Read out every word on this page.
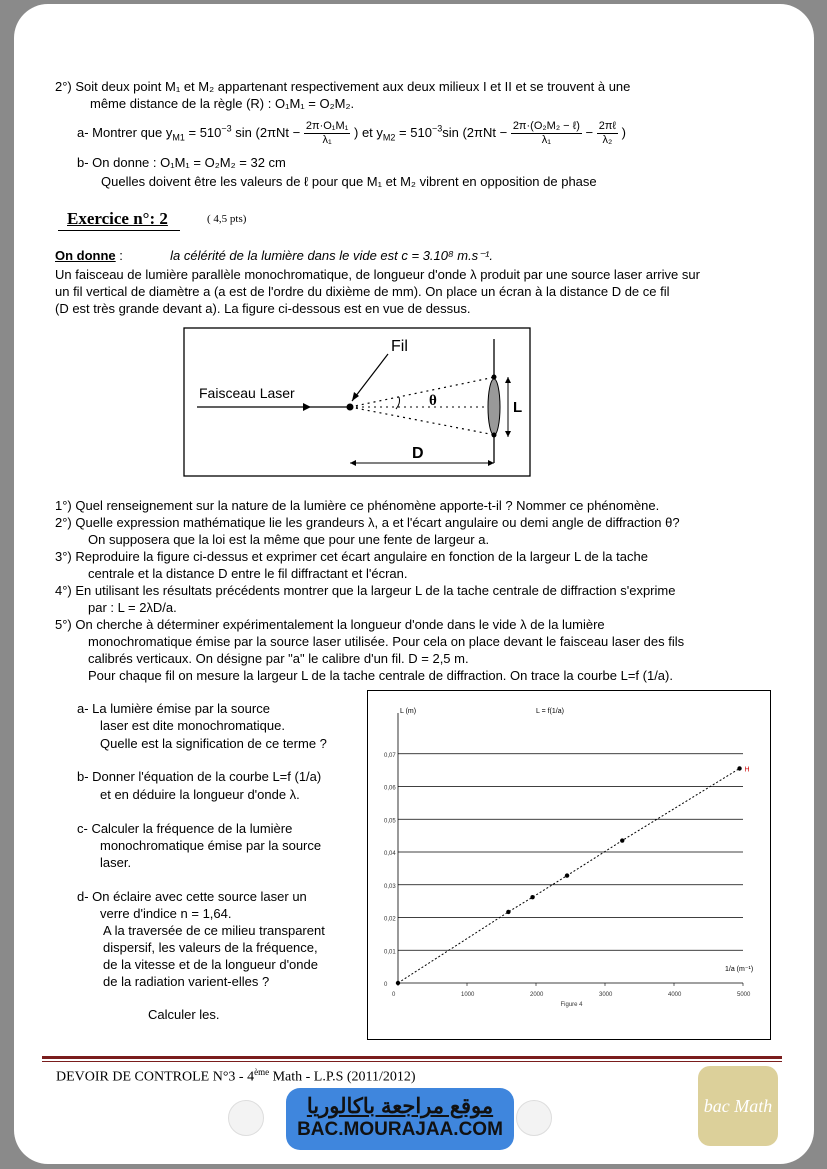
2°) Soit deux point M₁ et M₂ appartenant respectivement aux deux milieux I et II et se trouvent à une
même distance de la règle (R) : O₁M₁ = O₂M₂.
a- Montrer que $y_{M1} = 510^{-3}$ $\sin (2\pi Nt - \frac{\text{2π·O₁M₁}}{\text{λ₁}}$ ) et $y_{M2} = 510^{-3}\sin$ ($2\pi Nt - \frac{\text{2π·(O₂M₂ − ℓ)}}{\text{λ₁}} - \frac{\text{2πℓ}}{\text{λ₂}}$ )
b- On donne : O₁M₁ = O₂M₂ = 32 cm
Quelles doivent être les valeurs de ℓ pour que M₁ et M₂ vibrent en opposition de phase
Exercice n°: 2	( 4,5 pts)
On donne :	la célérité de la lumière dans le vide est c = 3.10⁸ m.s⁻¹.
Un faisceau de lumière parallèle monochromatique, de longueur d'onde λ produit par une source laser arrive sur
un fil vertical de diamètre a (a est de l'ordre du dixième de mm). On place un écran à la distance D de ce fil
(D est très grande devant a). La figure ci-dessous est en vue de dessus.
Fil
Faisceau Laser	θ	L
D
1°) Quel renseignement sur la nature de la lumière ce phénomène apporte-t-il ? Nommer ce phénomène.
2°) Quelle expression mathématique lie les grandeurs λ, a et l'écart angulaire ou demi angle de diffraction θ?
On supposera que la loi est la même que pour une fente de largeur a.
3°) Reproduire la figure ci-dessus et exprimer cet écart angulaire en fonction de la largeur L de la tache
centrale et la distance D entre le fil diffractant et l'écran.
4°) En utilisant les résultats précédents montrer que la largeur L de la tache centrale de diffraction s'exprime
par : L = 2λD/a.
5°) On cherche à déterminer expérimentalement la longueur d'onde dans le vide λ de la lumière
monochromatique émise par la source laser utilisée. Pour cela on place devant le faisceau laser des fils
calibrés verticaux. On désigne par "a" le calibre d'un fil. D = 2,5 m.
Pour chaque fil on mesure la largeur L de la tache centrale de diffraction. On trace la courbe L=f (1/a).
a- La lumière émise par la source
laser est dite monochromatique.
Quelle est la signification de ce terme ?
b- Donner l'équation de la courbe L=f (1/a)
et en déduire la longueur d'onde λ.
c- Calculer la fréquence de la lumière
monochromatique émise par la source
laser.
d- On éclaire avec cette source laser un
verre d'indice n = 1,64.
A la traversée de ce milieu transparent
dispersif, les valeurs de la fréquence,
de la vitesse et de la longueur d'onde
de la radiation varient-elles ?
Calculer les.
0
0,01
0,02
0,03
0,04
0,05
0,06
0,07
0	1000	2000	3000	4000	5000
L (m)	L = f(1/a)
1/a (m⁻¹)
Figure 4
H
DEVOIR DE CONTROLE N°3 - 4ème Math - L.P.S (2011/2012)
موقع مراجعة باكالوريا
BAC.MOURAJAA.COM
bac Math
